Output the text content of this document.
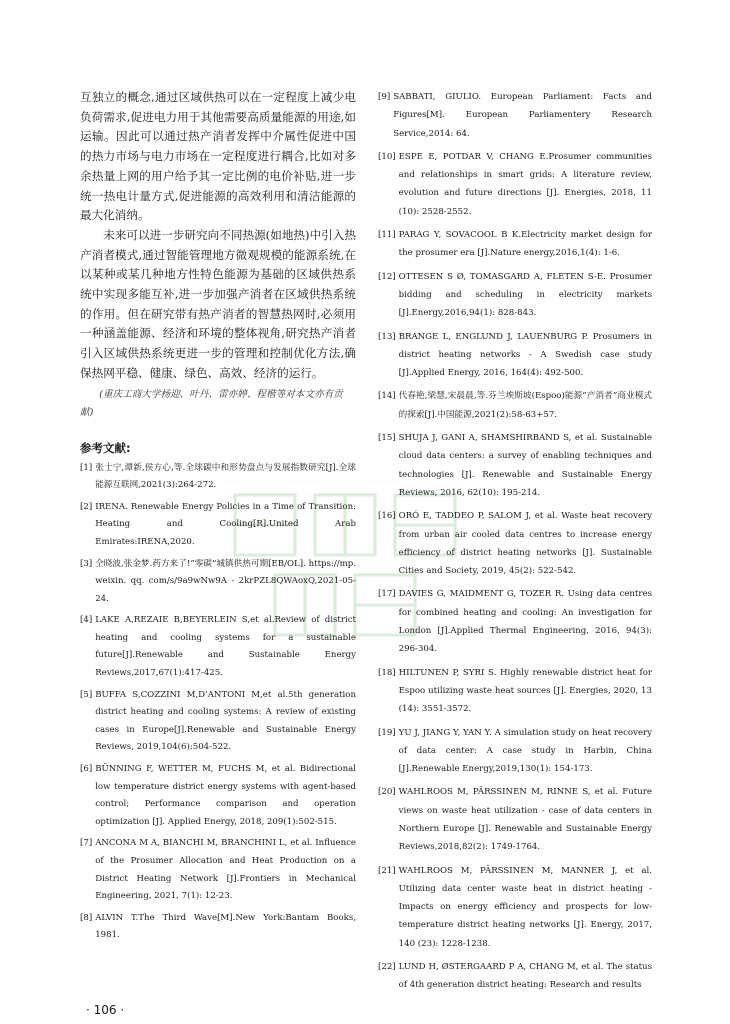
互独立的概念,通过区域供热可以在一定程度上减少电负荷需求,促进电力用于其他需要高质量能源的用途,如运输。因此可以通过热产消者发挥中介属性促进中国的热力市场与电力市场在一定程度进行耦合,比如对多余热量上网的用户给予其一定比例的电价补贴,进一步统一热电计量方式,促进能源的高效利用和清洁能源的最大化消纳。

未来可以进一步研究向不同热源(如地热)中引入热产消者模式,通过智能管理地方微观规模的能源系统,在以某种或某几种地方性特色能源为基础的区域供热系统中实现多能互补,进一步加强产消者在区域供热系统的作用。但在研究带有热产消者的智慧热网时,必须用一种涵盖能源、经济和环境的整体视角,研究热产消者引入区域供热系统更进一步的管理和控制优化方法,确保热网平稳、健康、绿色、高效、经济的运行。

(重庆工商大学杨迎、叶丹、雷亦婷、程楷等对本文亦有贡献)

参考文献:
[1] 张士宁,谭新,侯方心,等.全球碳中和形势盘点与发展指数研究[J].全球能源互联网,2021(3):264-272.
[2] IRENA. Renewable Energy Policies in a Time of Transition: Heating and Cooling[R].United Arab Emirates:IRENA,2020.
[3] 仝晓波,张金梦.药方来了!“零碳”城镇供热可期[EB/OL]. https://mp. weixin. qq. com/s/9a9wNw9A - 2krPZL8QWAoxQ,2021-05-24.
[4] LAKE A,REZAIE B,BEYERLEIN S,et al.Review of district heating and cooling systems for a sustainable future[J].Renewable and Sustainable Energy Reviews,2017,67(1):417-425.
[5] BUFFA S,COZZINI M,D’ANTONI M,et al.5th generation district heating and cooling systems: A review of existing cases in Europe[J].Renewable and Sustainable Energy Reviews, 2019,104(6):504-522.
[6] BÜNNING F, WETTER M, FUCHS M, et al. Bidirectional low temperature district energy systems with agent-based control; Performance comparison and operation optimization [J]. Applied Energy, 2018, 209(1):502-515.
[7] ANCONA M A, BIANCHI M, BRANCHINI L, et al. Influence of the Prosumer Allocation and Heat Production on a District Heating Network [J].Frontiers in Mechanical Engineering, 2021, 7(1): 12-23.
[8] ALVIN T.The Third Wave[M].New York:Bantam Books, 1981.
[9] SABBATI, GIULIO. European Parliament: Facts and Figures[M]. European Parliamentery Research Service,2014: 64.
[10] ESPE E, POTDAR V, CHANG E.Prosumer communities and relationships in smart grids: A literature review, evolution and future directions [J]. Energies, 2018, 11 (10): 2528-2552.
[11] PARAG Y, SOVACOOL B K.Electricity market design for the prosumer era [J].Nature energy,2016,1(4): 1-6.
[12] OTTESEN S Ø, TOMASGARD A, FLETEN S-E. Prosumer bidding and scheduling in electricity markets [J].Energy,2016,94(1): 828-843.
[13] BRANGE L, ENGLUND J, LAUENBURG P. Prosumers in district heating networks - A Swedish case study [J].Applied Energy, 2016, 164(4): 492-500.
[14] 代春艳,梁慧,宋晨晨,等.芬兰埃斯坡(Espoo)能源“产消者”商业模式的探索[J].中国能源,2021(2):58-63+57.
[15] SHUJA J, GANI A, SHAMSHIRBAND S, et al. Sustainable cloud data centers: a survey of enabling techniques and technologies [J]. Renewable and Sustainable Energy Reviews, 2016, 62(10): 195-214.
[16] ORÓ E, TADDEO P, SALOM J, et al. Waste heat recovery from urban air cooled data centres to increase energy efficiency of district heating networks [J]. Sustainable Cities and Society, 2019, 45(2): 522-542.
[17] DAVIES G, MAIDMENT G, TOZER R. Using data centres for combined heating and cooling: An investigation for London [J].Applied Thermal Engineering, 2016, 94(3): 296-304.
[18] HILTUNEN P, SYRI S. Highly renewable district heat for Espoo utilizing waste heat sources [J]. Energies, 2020, 13 (14): 3551-3572.
[19] YU J, JIANG Y, YAN Y. A simulation study on heat recovery of data center: A case study in Harbin, China [J].Renewable Energy,2019,130(1): 154-173.
[20] WAHLROOS M, PÄRSSINEN M, RINNE S, et al. Future views on waste heat utilization - case of data centers in Northern Europe [J]. Renewable and Sustainable Energy Reviews,2018,82(2): 1749-1764.
[21] WAHLROOS M, PÄRSSINEN M, MANNER J, et al. Utilizing data center waste heat in district heating - Impacts on energy efficiency and prospects for low-temperature district heating networks [J]. Energy, 2017, 140 (23): 1228-1238.
[22] LUND H, ØSTERGAARD P A, CHANG M, et al. The status of 4th generation district heating: Research and results
· 106 ·
